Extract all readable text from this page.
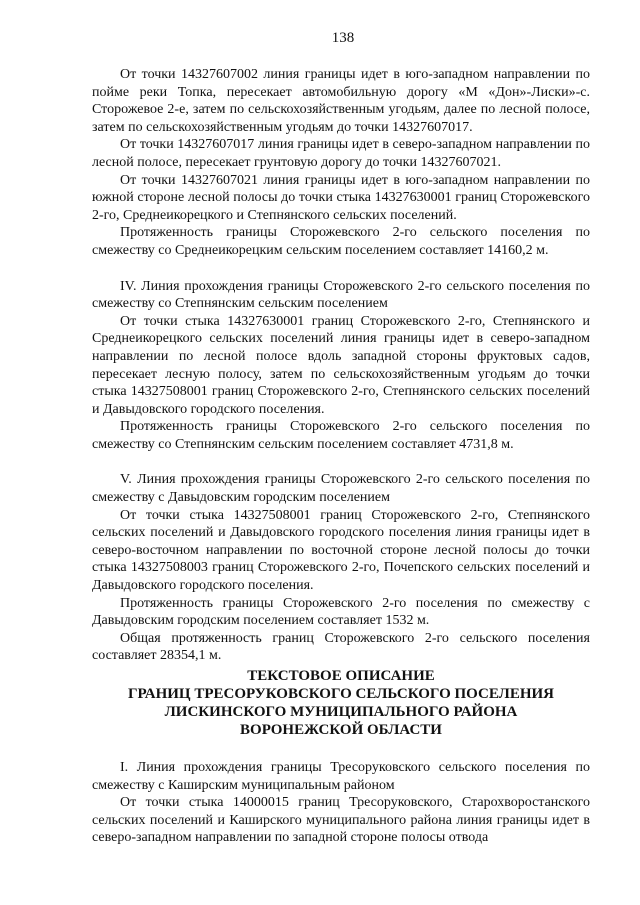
138

От точки 14327607002 линия границы идет в юго-западном направлении по пойме реки Топка, пересекает автомобильную дорогу «М «Дон»-Лиски»-с. Сторожевое 2-е, затем по сельскохозяйственным угодьям, далее по лесной полосе, затем по сельскохозяйственным угодьям до точки 14327607017.

От точки 14327607017 линия границы идет в северо-западном направлении по лесной полосе, пересекает грунтовую дорогу до точки 14327607021.

От точки 14327607021 линия границы идет в юго-западном направлении по южной стороне лесной полосы до точки стыка 14327630001 границ Сторожевского 2-го, Среднеикорецкого и Степнянского сельских поселений.

Протяженность границы Сторожевского 2-го сельского поселения по смежеству со Среднеикорецким сельским поселением составляет 14160,2 м.

IV. Линия прохождения границы Сторожевского 2-го сельского поселения по смежеству со Степнянским сельским поселением

От точки стыка 14327630001 границ Сторожевского 2-го, Степнянского и Среднеикорецкого сельских поселений линия границы идет в северо-западном направлении по лесной полосе вдоль западной стороны фруктовых садов, пересекает лесную полосу, затем по сельскохозяйственным угодьям до точки стыка 14327508001 границ Сторожевского 2-го, Степнянского сельских поселений и Давыдовского городского поселения.

Протяженность границы Сторожевского 2-го сельского поселения по смежеству со Степнянским сельским поселением составляет 4731,8 м.

V. Линия прохождения границы Сторожевского 2-го сельского поселения по смежеству с Давыдовским городским поселением

От точки стыка 14327508001 границ Сторожевского 2-го, Степнянского сельских поселений и Давыдовского городского поселения линия границы идет в северо-восточном направлении по восточной стороне лесной полосы до точки стыка 14327508003 границ Сторожевского 2-го, Почепского сельских поселений и Давыдовского городского поселения.

Протяженность границы Сторожевского 2-го поселения по смежеству с Давыдовским городским поселением составляет 1532 м.

Общая протяженность границ Сторожевского 2-го сельского поселения составляет 28354,1 м.

ТЕКСТОВОЕ ОПИСАНИЕ

ГРАНИЦ ТРЕСОРУКОВСКОГО СЕЛЬСКОГО ПОСЕЛЕНИЯ

ЛИСКИНСКОГО МУНИЦИПАЛЬНОГО РАЙОНА

ВОРОНЕЖСКОЙ ОБЛАСТИ

I. Линия прохождения границы Тресоруковского сельского поселения по смежеству с Каширским муниципальным районом

От точки стыка 14000015 границ Тресоруковского, Старохворостанского сельских поселений и Каширского муниципального района линия границы идет в северо-западном направлении по западной стороне полосы отвода
